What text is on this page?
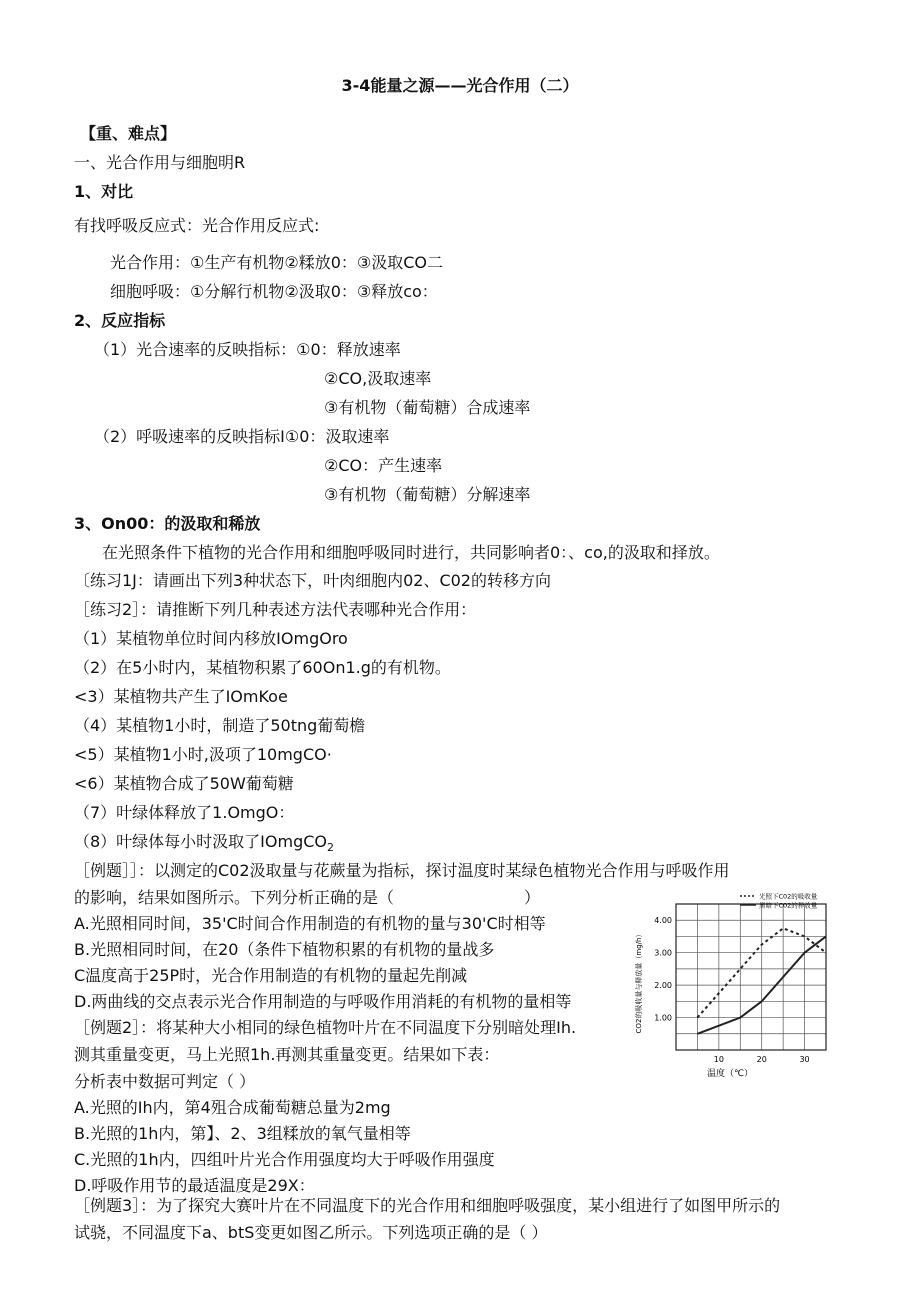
3-4能量之源——光合作用（二）
【重、难点】
一、光合作用与细胞明R
1、对比
有找呼吸反应式：光合作用反应式:
光合作用：①生产有机物②糅放0：③汲取CO二
细胞呼吸：①分解行机物②汲取0：③释放co：
2、反应指标
（1）光合速率的反映指标：①0：释放速率
②CO,汲取速率
③有机物（葡萄糖）合成速率
（2）呼吸速率的反映指标I①0：汲取速率
②CO：产生速率
③有机物（葡萄糖）分解速率
3、On00：的汲取和稀放
在光照条件下植物的光合作用和细胞呼吸同时进行，共同影响者0：、co,的汲取和择放。
〔练习1J：请画出下列3种状态下，叶肉细胞内02、C02的转移方向
［练习2］：请推断下列几种表述方法代表哪种光合作用：
（1）某植物单位时间内移放IOmgOro
（2）在5小时内，某植物积累了60On1.g的有机物。
<3）某植物共产生了IOmKoe
（4）某植物1小时，制造了50tng葡萄檐
<5）某植物1小时,汲项了10mgCO·
<6）某植物合成了50W葡萄糖
（7）叶绿体释放了1.OmgO：
（8）叶绿体每小时汲取了IOmgCO$_2$
［例题］］：以测定的C02汲取量与花蕨量为指标，探讨温度时某绿色植物光合作用与呼吸作用
的影响，结果如图所示。下列分析正确的是（	）
A.光照相同时间，35'C时间合作用制造的有机物的量与30'C时相等
B.光照相同时间，在20（条件下植物积累的有机物的量战多
C温度高于25P时，光合作用制造的有机物的量起先削减
D.两曲线的交点表示光合作用制造的与呼吸作用消耗的有机物的量相等
［例题2］：将某种大小相同的绿色植物叶片在不同温度下分别暗处理Ih.
测其重量变更，马上光照1h.再测其重量变更。结果如下表：
分析表中数据可判定（ ）
A.光照的Ih内，第4殂合成葡萄糖总量为2mg
B.光照的1h内，第】、2、3组糅放的氧气量相等
C.光照的1h内，四组叶片光合作用强度均大于呼吸作用强度
D.呼吸作用节的最适温度是29X：
［例题3］：为了探究大赛叶片在不同温度下的光合作用和细胞呼吸强度，某小组进行了如图甲所示的
试骁，不同温度下a、btS变更如图乙所示。下列选项正确的是（ ）
10	20	30
1.00
2.00
3.00
4.00
光照下C02的吸收量
黑暗下C02的释放量
温度（℃）
CO2的吸收量与释放量（mg/h）
